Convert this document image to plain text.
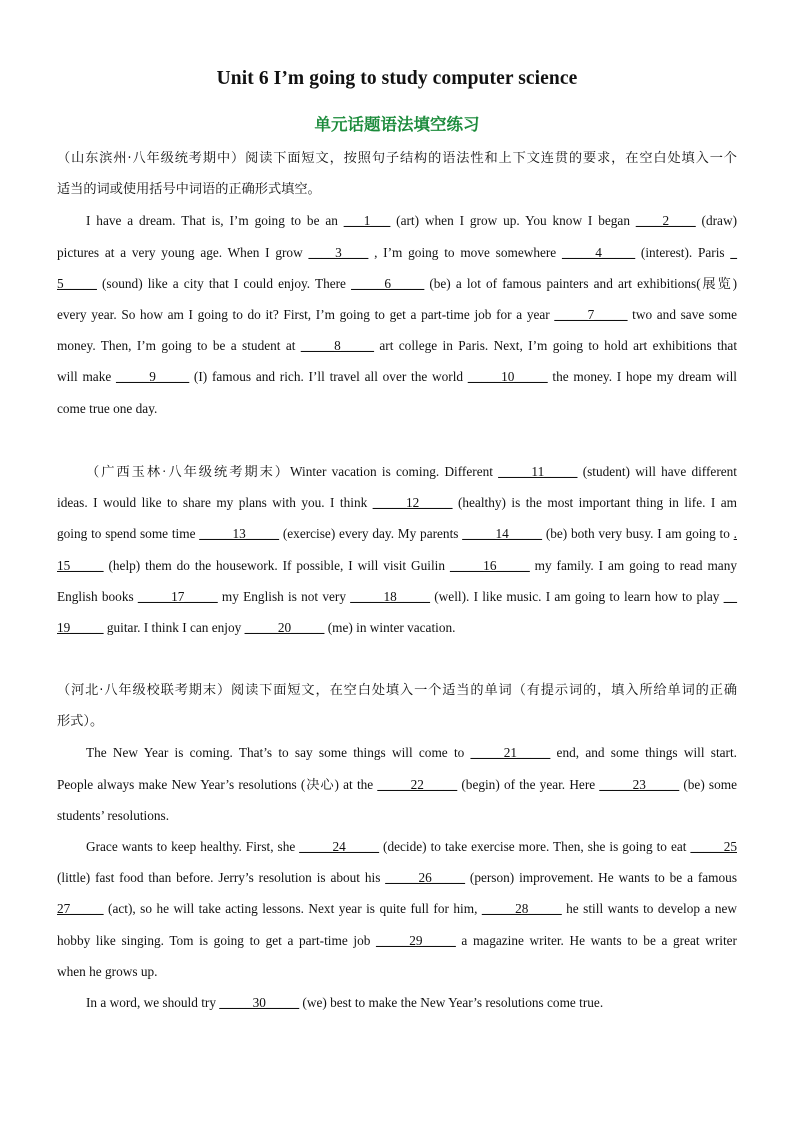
Unit 6 I’m going to study computer science
单元话题语法填空练习
（山东滨州·八年级统考期中）阅读下面短文，按照句子结构的语法性和上下文连贯的要求，在空白处填入一个
适当的词或使用括号中词语的正确形式填空。
I have a dream. That is, I’m going to be an ___1___ (art) when I grow up. You know I began ____2____ (draw)
pictures at a very young age. When I grow ____3____ , I’m going to move somewhere _____4_____ (interest). Paris _
5_____ (sound) like a city that I could enjoy. There _____6_____ (be) a lot of famous painters and art exhibitions(展览)
every year. So how am I going to do it? First, I’m going to get a part-time job for a year _____7_____ two and save some
money. Then, I’m going to be a student at _____8_____ art college in Paris. Next, I’m going to hold art exhibitions that
will make _____9_____ (I) famous and rich. I’ll travel all over the world _____10_____ the money. I hope my dream will
come true one day.
（广西玉林·八年级统考期末）Winter vacation is coming. Different _____11_____ (student) will have different
ideas. I would like to share my plans with you. I think _____12_____ (healthy) is the most important thing in life. I am
going to spend some time _____13_____ (exercise) every day. My parents _____14_____ (be) both very busy. I am going to .
15_____ (help) them do the housework. If possible, I will visit Guilin _____16_____ my family. I am going to read many
English books _____17_____ my English is not very _____18_____ (well). I like music. I am going to learn how to play __
19_____ guitar. I think I can enjoy _____20_____ (me) in winter vacation.
（河北·八年级校联考期末）阅读下面短文，在空白处填入一个适当的单词（有提示词的，填入所给单词的正确
形式）。
The New Year is coming. That’s to say some things will come to _____21_____ end, and some things will start.
People always make New Year’s resolutions (决心) at the _____22_____ (begin) of the year. Here _____23_____ (be) some
students’ resolutions.
Grace wants to keep healthy. First, she _____24_____ (decide) to take exercise more. Then, she is going to eat _____25
(little) fast food than before. Jerry’s resolution is about his _____26_____ (person) improvement. He wants to be a famous
27_____ (act), so he will take acting lessons. Next year is quite full for him, _____28_____ he still wants to develop a new
hobby like singing. Tom is going to get a part-time job _____29_____ a magazine writer. He wants to be a great writer
when he grows up.
In a word, we should try _____30_____ (we) best to make the New Year’s resolutions come true.
